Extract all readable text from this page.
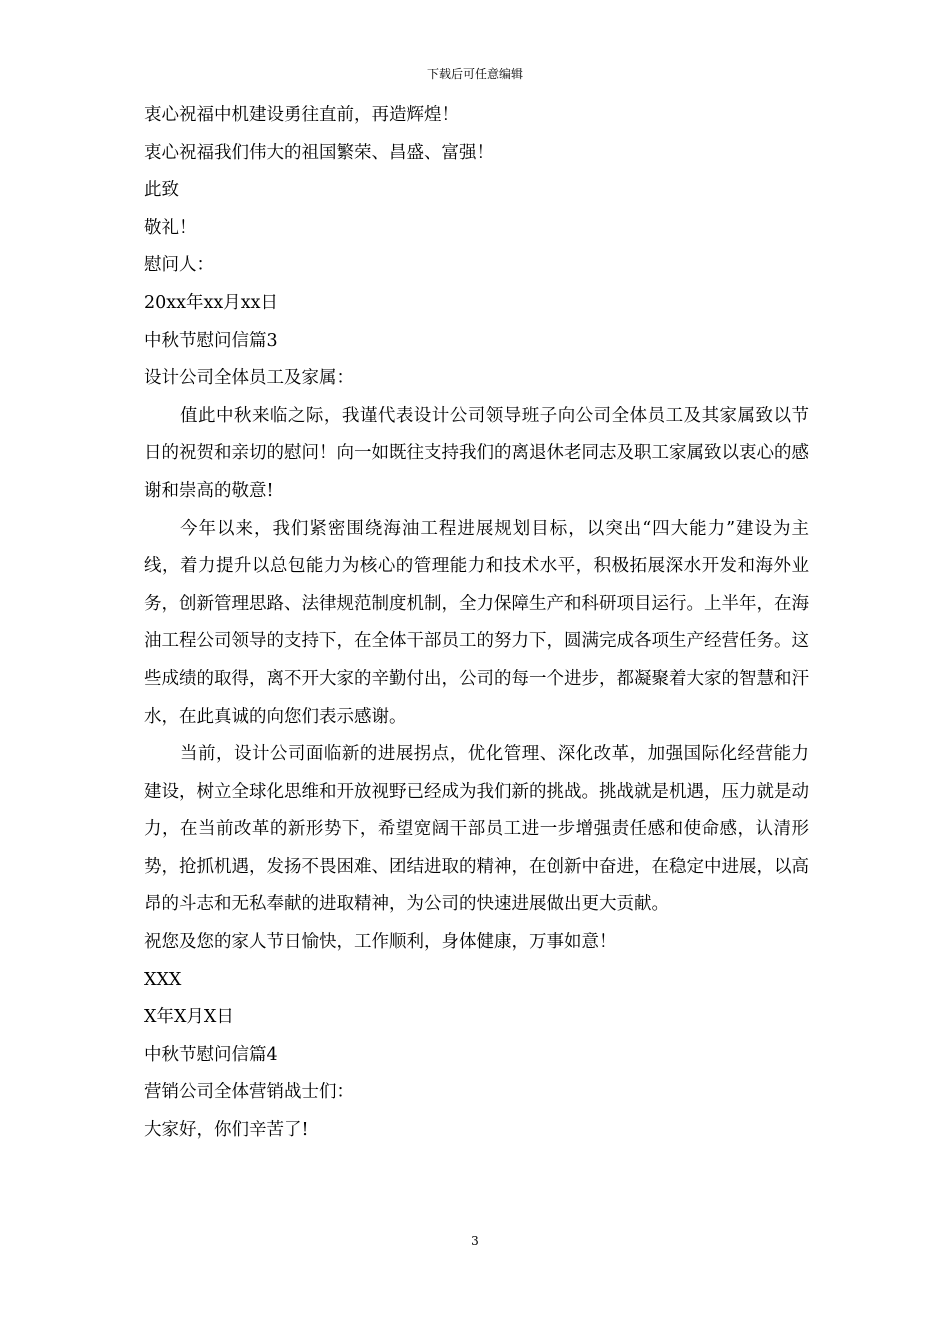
下载后可任意编辑

衷心祝福中机建设勇往直前，再造辉煌！

衷心祝福我们伟大的祖国繁荣、昌盛、富强！

此致

敬礼！

慰问人：

20xx年xx月xx日

中秋节慰问信篇3

设计公司全体员工及家属：

值此中秋来临之际，我谨代表设计公司领导班子向公司全体员工及其家属致以节日的祝贺和亲切的慰问！向一如既往支持我们的离退休老同志及职工家属致以衷心的感谢和崇高的敬意!

今年以来，我们紧密围绕海油工程进展规划目标，以突出“四大能力”建设为主线，着力提升以总包能力为核心的管理能力和技术水平，积极拓展深水开发和海外业务，创新管理思路、法律规范制度机制，全力保障生产和科研项目运行。上半年，在海油工程公司领导的支持下，在全体干部员工的努力下，圆满完成各项生产经营任务。这些成绩的取得，离不开大家的辛勤付出，公司的每一个进步，都凝聚着大家的智慧和汗水，在此真诚的向您们表示感谢。

当前，设计公司面临新的进展拐点，优化管理、深化改革，加强国际化经营能力建设，树立全球化思维和开放视野已经成为我们新的挑战。挑战就是机遇，压力就是动力，在当前改革的新形势下，希望宽阔干部员工进一步增强责任感和使命感，认清形势，抢抓机遇，发扬不畏困难、团结进取的精神，在创新中奋进，在稳定中进展，以高昂的斗志和无私奉献的进取精神，为公司的快速进展做出更大贡献。

祝您及您的家人节日愉快，工作顺利，身体健康，万事如意！

XXX

X年X月X日

中秋节慰问信篇4

营销公司全体营销战士们：

大家好，你们辛苦了!

3
